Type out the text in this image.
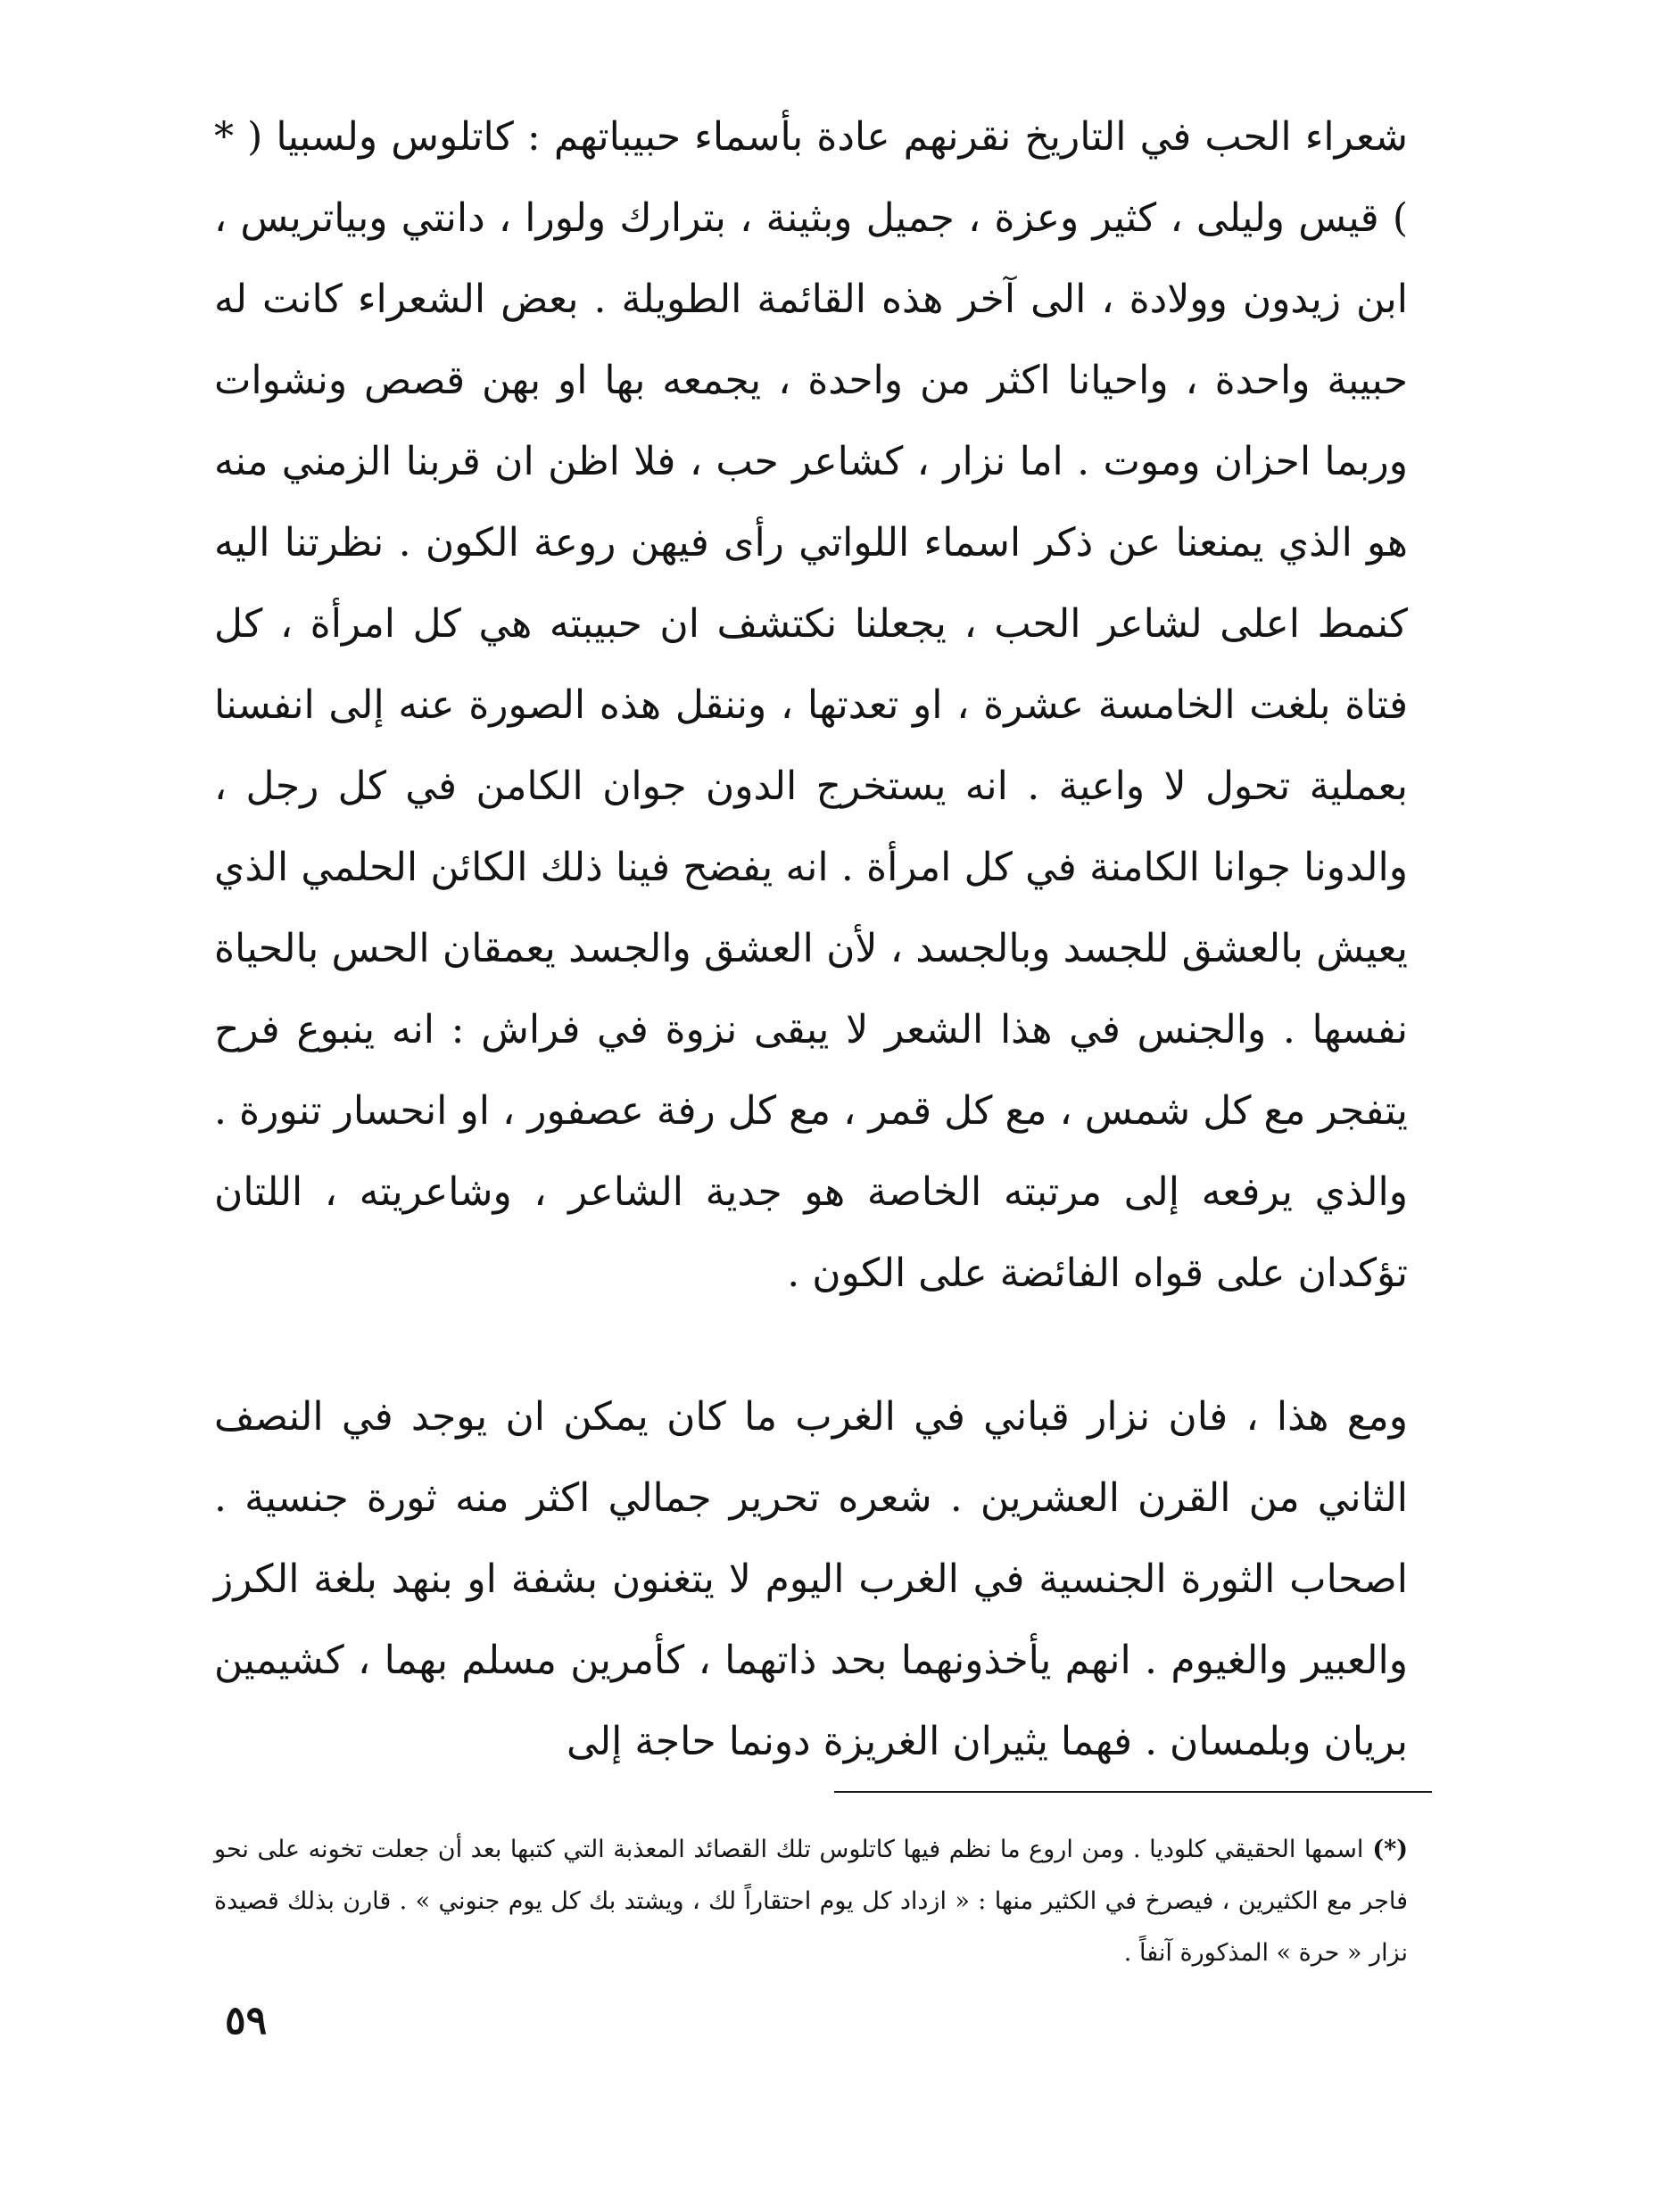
شعراء الحب في التاريخ نقرنهم عادة بأسماء حبيباتهم : كاتلوس ولسبيا ( * ) قيس وليلى ، كثير وعزة ، جميل وبثينة ، بترارك ولورا ، دانتي وبياتريس ، ابن زيدون وولادة ، الى آخر هذه القائمة الطويلة . بعض الشعراء كانت له حبيبة واحدة ، واحيانا اكثر من واحدة ، يجمعه بها او بهن قصص ونشوات وربما احزان وموت . اما نزار ، كشاعر حب ، فلا اظن ان قربنا الزمني منه هو الذي يمنعنا عن ذكر اسماء اللواتي رأى فيهن روعة الكون . نظرتنا اليه كنمط اعلى لشاعر الحب ، يجعلنا نكتشف ان حبيبته هي كل امرأة ، كل فتاة بلغت الخامسة عشرة ، او تعدتها ، وننقل هذه الصورة عنه إلى انفسنا بعملية تحول لا واعية . انه يستخرج الدون جوان الكامن في كل رجل ، والدونا جوانا الكامنة في كل امرأة . انه يفضح فينا ذلك الكائن الحلمي الذي يعيش بالعشق للجسد وبالجسد ، لأن العشق والجسد يعمقان الحس بالحياة نفسها . والجنس في هذا الشعر لا يبقى نزوة في فراش : انه ينبوع فرح يتفجر مع كل شمس ، مع كل قمر ، مع كل رفة عصفور ، او انحسار تنورة . والذي يرفعه إلى مرتبته الخاصة هو جدية الشاعر ، وشاعريته ، اللتان تؤكدان على قواه الفائضة على الكون .

ومع هذا ، فان نزار قباني في الغرب ما كان يمكن ان يوجد في النصف الثاني من القرن العشرين . شعره تحرير جمالي اكثر منه ثورة جنسية . اصحاب الثورة الجنسية في الغرب اليوم لا يتغنون بشفة او بنهد بلغة الكرز والعبير والغيوم . انهم يأخذونهما بحد ذاتهما ، كأمرين مسلم بهما ، كشيمين بريان وبلمسان . فهما يثيران الغريزة دونما حاجة إلى

(*)اسمها الحقيقي كلوديا . ومن اروع ما نظم فيها كاتلوس تلك القصائد المعذبة التي كتبها بعد أن جعلت تخونه على نحو فاجر مع الكثيرين ، فيصرخ في الكثير منها : « ازداد كل يوم احتقاراً لك ، ويشتد بك كل يوم جنوني » . قارن بذلك قصيدة نزار « حرة » المذكورة آنفاً .

٥٩
